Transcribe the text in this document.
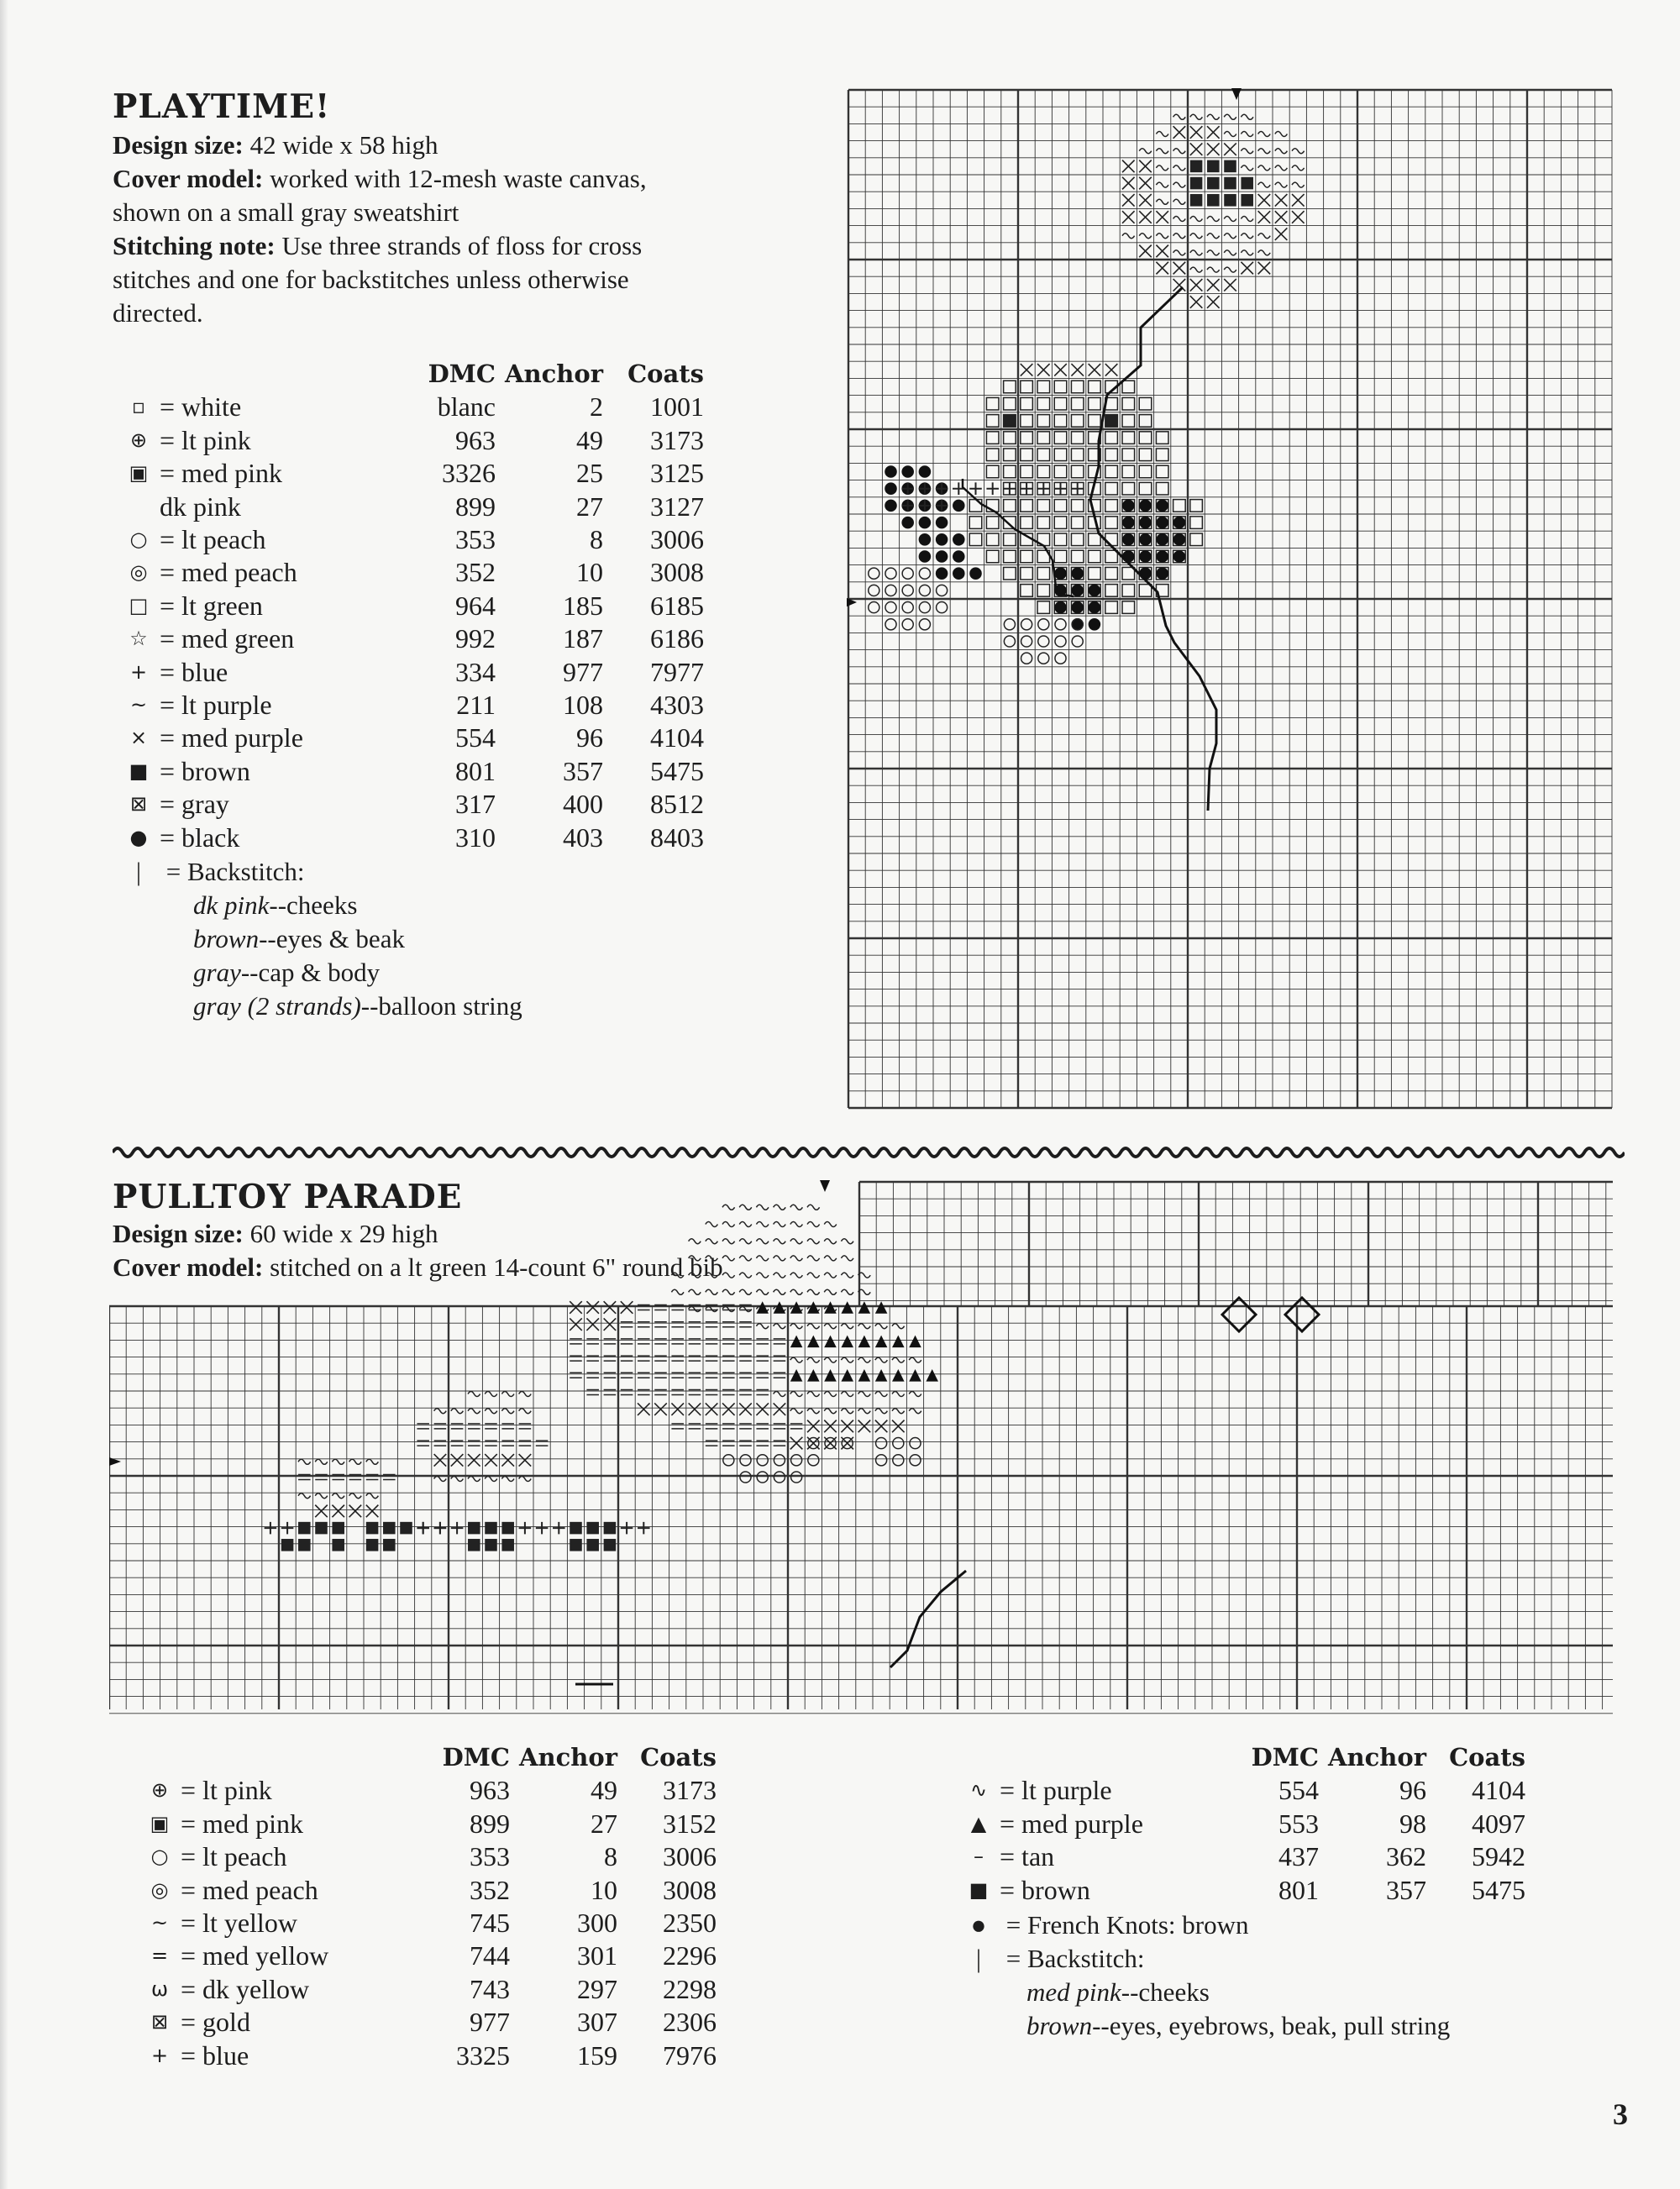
PLAYTIME!
Design size: 42 wide x 58 high
Cover model: worked with 12-mesh waste canvas,
shown on a small gray sweatshirt
Stitching note: Use three strands of floss for cross
stitches and one for backstitches unless otherwise
directed.
		DMC	Anchor	Coats
▫	= white	blanc	2	1001
⊕	= lt pink	963	49	3173
▣	= med pink	3326	25	3125
	dk pink	899	27	3127
○	= lt peach	353	8	3006
◎	= med peach	352	10	3008
□	= lt green	964	185	6185
☆	= med green	992	187	6186
+	= blue	334	977	7977
~	= lt purple	211	108	4303
×	= med purple	554	96	4104
■	= brown	801	357	5475
⊠	= gray	317	400	8512
●	= black	310	403	8403
| = Backstitch:
dk pink--cheeks
brown--eyes & beak
gray--cap & body
gray (2 strands)--balloon string
PULLTOY PARADE
Design size: 60 wide x 29 high
Cover model: stitched on a lt green 14-count 6" round bib
		DMC	Anchor	Coats
⊕	= lt pink	963	49	3173
▣	= med pink	899	27	3152
○	= lt peach	353	8	3006
◎	= med peach	352	10	3008
~	= lt yellow	745	300	2350
=	= med yellow	744	301	2296
ω	= dk yellow	743	297	2298
⊠	= gold	977	307	2306
+	= blue	3325	159	7976
		DMC	Anchor	Coats
∿	= lt purple	554	96	4104
▲	= med purple	553	98	4097
–	= tan	437	362	5942
■	= brown	801	357	5475
● = French Knots: brown
| = Backstitch:
med pink--cheeks
brown--eyes, eyebrows, beak, pull string
3
